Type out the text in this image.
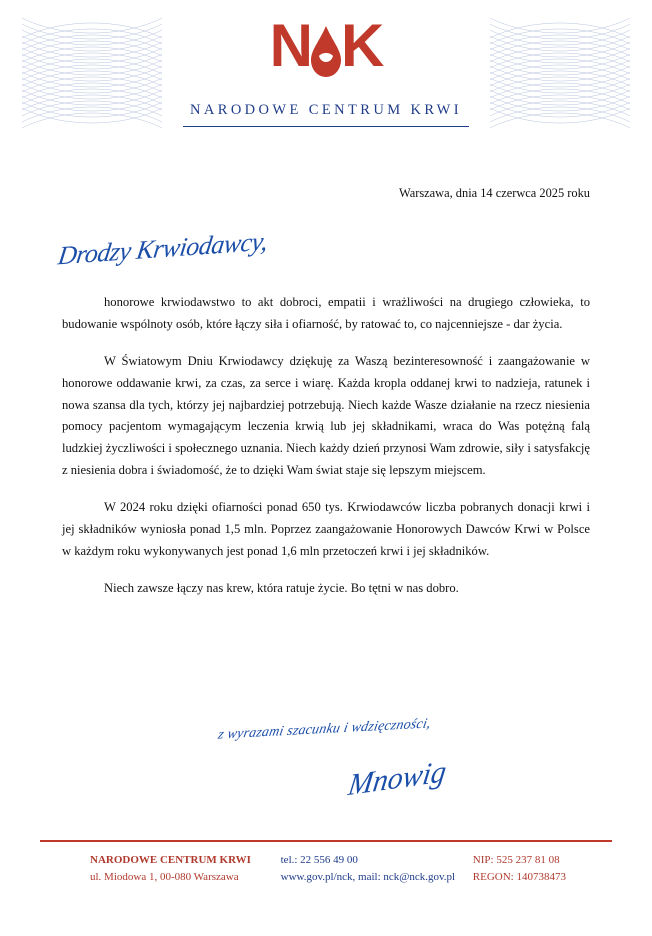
N K
NARODOWE CENTRUM KRWI
Warszawa, dnia 14 czerwca 2025 roku
Drodzy Krwiodawcy,

honorowe krwiodawstwo to akt dobroci, empatii i wrażliwości na drugiego człowieka, to budowanie wspólnoty osób, które łączy siła i ofiarność, by ratować to, co najcenniejsze - dar życia.

W Światowym Dniu Krwiodawcy dziękuję za Waszą bezinteresowność i zaangażowanie w honorowe oddawanie krwi, za czas, za serce i wiarę. Każda kropla oddanej krwi to nadzieja, ratunek i nowa szansa dla tych, którzy jej najbardziej potrzebują. Niech każde Wasze działanie na rzecz niesienia pomocy pacjentom wymagającym leczenia krwią lub jej składnikami, wraca do Was potężną falą ludzkiej życzliwości i społecznego uznania. Niech każdy dzień przynosi Wam zdrowie, siły i satysfakcję z niesienia dobra i świadomość, że to dzięki Wam świat staje się lepszym miejscem.

W 2024 roku dzięki ofiarności ponad 650 tys. Krwiodawców liczba pobranych donacji krwi i jej składników wyniosła ponad 1,5 mln. Poprzez zaangażowanie Honorowych Dawców Krwi w Polsce w każdym roku wykonywanych jest ponad 1,6 mln przetoczeń krwi i jej składników.

Niech zawsze łączy nas krew, która ratuje życie. Bo tętni w nas dobro.

z wyrazami szacunku i wdzięczności,
Mnowig
NARODOWE CENTRUM KRWI
ul. Miodowa 1, 00-080 Warszawa
tel.: 22 556 49 00
www.gov.pl/nck, mail: nck@nck.gov.pl
NIP: 525 237 81 08
REGON: 140738473
